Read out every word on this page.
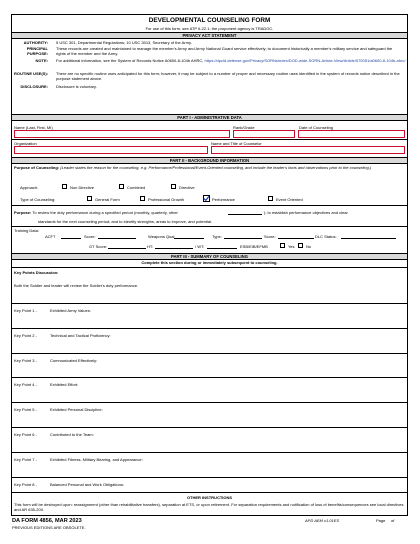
DEVELOPMENTAL COUNSELING FORM
For use of this form, see ATP 6-22.1; the proponent agency is TRADOC.
PRIVACY ACT STATEMENT
AUTHORITY: 5 USC 301, Departmental Regulations; 10 USC 3013, Secretary of the Army.
PRINCIPAL PURPOSE:
These records are created and maintained to manage the member's Army and Army National Guard service effectively; to document historically a member's military service and safeguard the rights of the member and the Army.
NOTE: For additional information, see the System of Records Notice A0600-8-104b AHRC, https://dpcld.defense.gov/Privacy/SORNsIndex/DOD-wide-SORN-Article-View/Article/570051/a0600-8-104b-ahrc/
ROUTINE USE(S): There are no specific routine uses anticipated for this form; however, it may be subject to a number of proper and necessary routine uses identified in the system of records notice described in the purpose statement above.
DISCLOSURE: Disclosure is voluntary.
PART I - ADMINISTRATIVE DATA
Name (Last, First, MI)	Rank/Grade	Date of Counseling
Organization	Name and Title of Counselor
PART II - BACKGROUND INFORMATION
Purpose of Counseling: (Leader states the reason for the counseling, e.g. Performance/Professional/Event-Oriented counseling, and include the leader's facts and observations prior to the counseling.)
Approach:	Non Directive	Combined	Directive
Type of Counseling:	General Form	Professional Growth	Performance	Event Oriented
Purpose: To review the duty performance during a specified period (monthly, quarterly, other	); to establish performance objectives and clear
standards for the next counseling period; and to identify strengths, areas to improve, and potential.
Training Data:
ACFT	Score:	Weapons Qual	Type:	Score:	DLC Status:
GT Score:	HT:	/ WT:	ESB/EIB/EFMB	Yes	No
PART III - SUMMARY OF COUNSELING
Complete this section during or immediately subsequent to counseling.
Key Points Discussion:
Both the Soldier and leader will review the Soldier's duty performance.
Key Point 1 -	Exhibited Army Values:
Key Point 2 -	Technical and Tactical Proficiency:
Key Point 3 -	Communicated Effectively:
Key Point 4 -	Exhibited Effort:
Key Point 5 -	Exhibited Personal Discipline:
Key Point 6 -	Contributed to the Team:
Key Point 7 -	Exhibited Fitness, Military Bearing, and Appearance:
Key Point 8 -	Balanced Personal and Work Obligations:
OTHER INSTRUCTIONS
This form will be destroyed upon: reassignment (other than rehabilitative transfers), separation at ETS, or upon retirement. For separation requirements and notification of loss of benefits/consequences see local directives and AR 635-200.
DA FORM 4856, MAR 2023
PREVIOUS EDITIONS ARE OBSOLETE.
APD AEM v1.01ES	Page of
